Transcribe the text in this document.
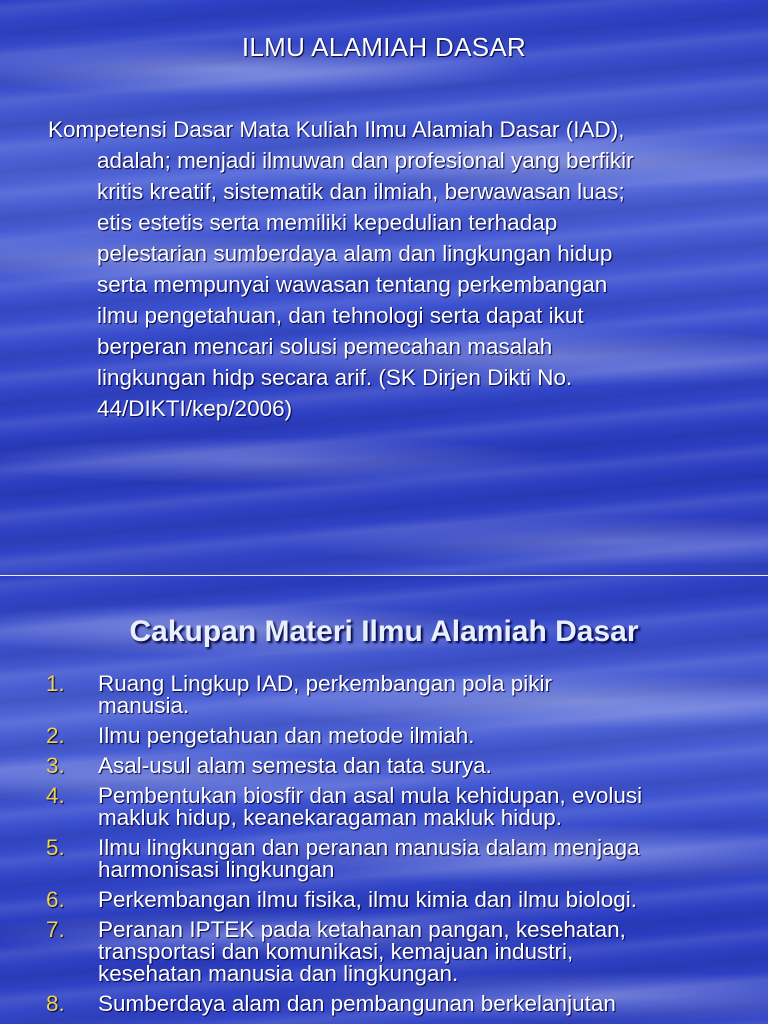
ILMU ALAMIAH DASAR
Kompetensi Dasar Mata Kuliah Ilmu Alamiah Dasar (IAD),
adalah; menjadi ilmuwan dan profesional yang berfikir
kritis kreatif, sistematik dan ilmiah, berwawasan luas;
etis estetis serta memiliki kepedulian terhadap
pelestarian sumberdaya alam dan lingkungan hidup
serta mempunyai wawasan tentang perkembangan
ilmu pengetahuan, dan tehnologi serta dapat ikut
berperan mencari solusi pemecahan masalah
lingkungan hidp secara arif. (SK Dirjen Dikti No.
44/DIKTI/kep/2006)
Cakupan Materi Ilmu Alamiah Dasar
1. Ruang Lingkup IAD, perkembangan pola pikir
manusia.
2. Ilmu pengetahuan dan metode ilmiah.
3. Asal-usul alam semesta dan tata surya.
4. Pembentukan biosfir dan asal mula kehidupan, evolusi
makluk hidup, keanekaragaman makluk hidup.
5. Ilmu lingkungan dan peranan manusia dalam menjaga
harmonisasi lingkungan
6. Perkembangan ilmu fisika, ilmu kimia dan ilmu biologi.
7. Peranan IPTEK pada ketahanan pangan, kesehatan,
transportasi dan komunikasi, kemajuan industri,
kesehatan manusia dan lingkungan.
8. Sumberdaya alam dan pembangunan berkelanjutan
